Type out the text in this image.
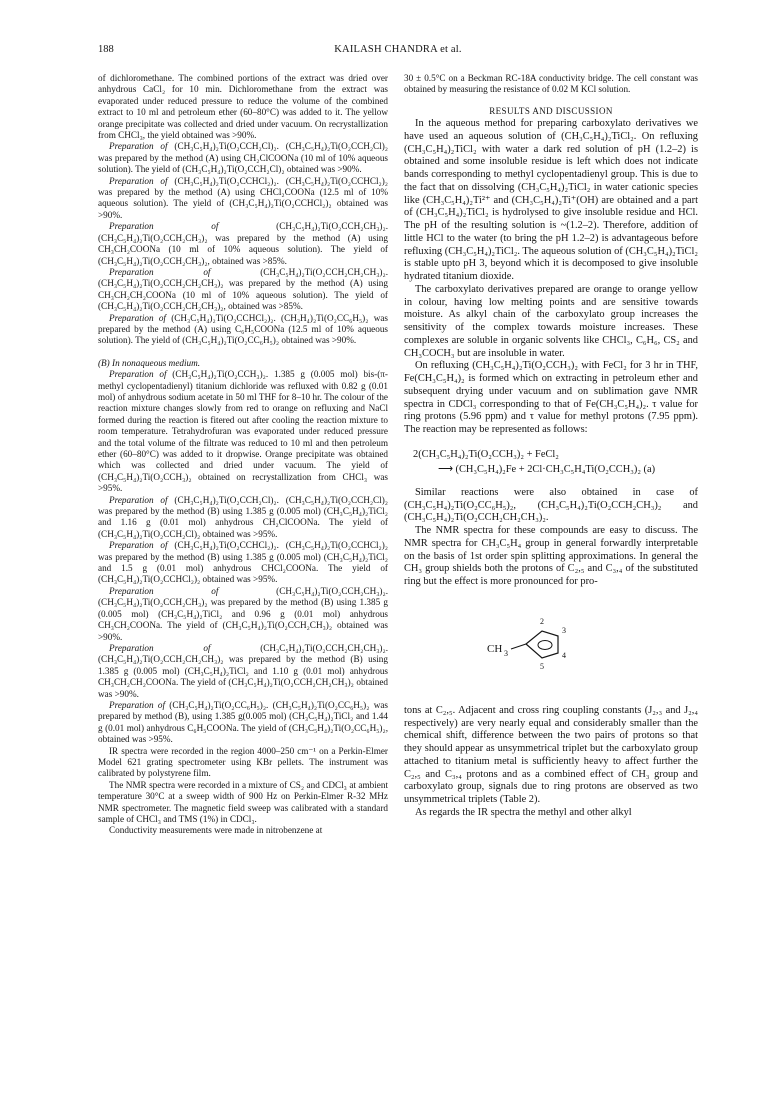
188	KAILASH CHANDRA et al.

of dichloromethane. The combined portions of the extract was dried over anhydrous CaCl₂ for 10 min. Dichloromethane from the extract was evaporated under reduced pressure to reduce the volume of the combined extract to 10 ml and petroleum ether (60–80°C) was added to it. The yellow orange precipitate was collected and dried under vacuum. On recrystallization from CHCl₃, the yield obtained was >90%.

Preparation of (CH₃C₅H₄)₂Ti(O₂CCH₂Cl)₂. (CH₃C₅H₄)₂Ti(O₂CCH₂Cl)₂ was prepared by the method (A) using CH₂ClCOONa (10 ml of 10% aqueous solution). The yield of (CH₃C₅H₄)₂Ti(O₂CCH₂Cl)₂ obtained was >90%.

Preparation of (CH₃C₅H₄)₂Ti(O₂CCHCl₂)₂. (CH₃C₅H₄)₂Ti(O₂CCHCl₂)₂ was prepared by the method (A) using CHCl₂COONa (12.5 ml of 10% aqueous solution). The yield of (CH₃C₅H₄)₂Ti(O₂CCHCl₂)₂ obtained was >90%.

Preparation of (CH₃C₅H₄)₂Ti(O₂CCH₂CH₃)₂. (CH₃C₅H₄)₂Ti(O₂CCH₂CH₃)₂ was prepared by the method (A) using CH₃CH₂COONa (10 ml of 10% aqueous solution). The yield of (CH₃C₅H₄)₂Ti(O₂CCH₂CH₃)₂, obtained was >85%.

Preparation of (CH₃C₅H₄)₂Ti(O₂CCH₂CH₂CH₃)₂. (CH₃C₅H₄)₂Ti(O₂CCH₂CH₂CH₃)₂ was prepared by the method (A) using CH₃CH₂CH₂COONa (10 ml of 10% aqueous solution). The yield of (CH₃C₅H₄)₂Ti(O₂CCH₂CH₂CH₃)₂, obtained was >85%.

Preparation of (CH₃C₅H₄)₂Ti(O₂CCHCl₂)₂. (CH₃H₄)₂Ti(O₂CC₆H₅)₂ was prepared by the method (A) using C₆H₅COONa (12.5 ml of 10% aqueous solution). The yield of (CH₃C₅H₄)₂Ti(O₂CC₆H₅)₂ obtained was >90%.

(B) In nonaqueous medium.

Preparation of (CH₃C₅H₄)₂Ti(O₂CCH₃)₂. 1.385 g (0.005 mol) bis-(π-methyl cyclopentadienyl) titanium dichloride was refluxed with 0.82 g (0.01 mol) of anhydrous sodium acetate in 50 ml THF for 8–10 hr. The colour of the reaction mixture changes slowly from red to orange on refluxing and NaCl formed during the reaction is fitered out after cooling the reaction mixture to room temperature. Tetrahydrofuran was evaporated under reduced pressure and the total volume of the filtrate was reduced to 10 ml and then petroleum ether (60–80°C) was added to it dropwise. Orange precipitate was obtained which was collected and dried under vacuum. The yield of (CH₃C₅H₄)₂Ti(O₂CCH₃)₂ obtained on recrystallization from CHCl₃ was >95%.

Preparation of (CH₃C₅H₄)₂Ti(O₂CCH₂Cl)₂. (CH₃C₅H₄)₂Ti(O₂CCH₂Cl)₂ was prepared by the method (B) using 1.385 g (0.005 mol) (CH₃C₅H₄)₂TiCl₂ and 1.16 g (0.01 mol) anhydrous CH₂ClCOONa. The yield of (CH₃C₅H₄)₂Ti(O₂CCH₂Cl)₂ obtained was >95%.

Preparation of (CH₃C₅H₄)₂Ti(O₂CCHCl₂)₂. (CH₃C₅H₄)₂Ti(O₂CCHCl₂)₂ was prepared by the method (B) using 1.385 g (0.005 mol) (CH₃C₅H₄)₂TiCl₂ and 1.5 g (0.01 mol) anhydrous CHCl₂COONa. The yield of (CH₃C₅H₄)₂Ti(O₂CCHCl₂)₂ obtained was >95%.

Preparation of (CH₃C₅H₄)₂Ti(O₂CCH₂CH₃)₂. (CH₃C₅H₄)₂Ti(O₂CCH₂CH₃)₂ was prepared by the method (B) using 1.385 g (0.005 mol) (CH₃C₅H₄)₂TiCl₂ and 0.96 g (0.01 mol) anhydrous CH₃CH₂COONa. The yield of (CH₃C₅H₄)₂Ti(O₂CCH₂CH₃)₂ obtained was >90%.

Preparation of (CH₃C₅H₄)₂Ti(O₂CCH₂CH₂CH₃)₂. (CH₃C₅H₄)₂Ti(O₂CCH₂CH₂CH₃)₂ was prepared by the method (B) using 1.385 g (0.005 mol) (CH₃C₅H₄)₂TiCl₂ and 1.10 g (0.01 mol) anhydrous CH₃CH₂CH₂COONa. The yield of (CH₃C₅H₄)₂Ti(O₂CCH₂CH₂CH₃)₂ obtained was >90%.

Preparation of (CH₃C₅H₄)₂Ti(O₂CC₆H₅)₂. (CH₃C₅H₄)₂Ti(O₂CC₆H₅)₂ was prepared by method (B), using 1.385 g(0.005 mol) (CH₃C₅H₄)₂TiCl₂ and 1.44 g (0.01 mol) anhydrous C₆H₅COONa. The yield of (CH₃C₅H₄)₂Ti(O₂CC₆H₅)₂, obtained was >95%.

IR spectra were recorded in the region 4000–250 cm⁻¹ on a Perkin-Elmer Model 621 grating spectrometer using KBr pellets. The instrument was calibrated by polystyrene film.

The NMR spectra were recorded in a mixture of CS₂ and CDCl₃ at ambient temperature 30°C at a sweep width of 900 Hz on Perkin-Elmer R-32 MHz NMR spectrometer. The magnetic field sweep was calibrated with a standard sample of CHCl₃ and TMS (1%) in CDCl₃.

Conductivity measurements were made in nitrobenzene at

30 ± 0.5°C on a Beckman RC-18A conductivity bridge. The cell constant was obtained by measuring the resistance of 0.02 M KCl solution.

RESULTS AND DISCUSSION

In the aqueous method for preparing carboxylato derivatives we have used an aqueous solution of (CH₃C₅H₄)₂TiCl₂. On refluxing (CH₃C₅H₄)₂TiCl₂ with water a dark red solution of pH (1.2–2) is obtained and some insoluble residue is left which does not indicate bands corresponding to methyl cyclopentadienyl group. This is due to the fact that on dissolving (CH₃C₅H₄)₂TiCl₂ in water cationic species like (CH₃C₅H₄)₂Ti²⁺ and (CH₃C₅H₄)₂Ti⁺(OH) are obtained and a part of (CH₃C₅H₄)₂TiCl₂ is hydrolysed to give insoluble residue and HCl. The pH of the resulting solution is ~(1.2–2). Therefore, addition of little HCl to the water (to bring the pH 1.2–2) is advantageous before refluxing (CH₃C₅H₄)₂TiCl₂. The aqueous solution of (CH₃C₅H₄)₂TiCl₂ is stable upto pH 3, beyond which it is decomposed to give insoluble hydrated titanium dioxide.

The carboxylato derivatives prepared are orange to orange yellow in colour, having low melting points and are sensitive towards moisture. As alkyl chain of the carboxylato group increases the sensitivity of the complex towards moisture increases. These complexes are soluble in organic solvents like CHCl₃, C₆H₆, CS₂ and CH₃COCH₃ but are insoluble in water.

On refluxing (CH₃C₅H₄)₂Ti(O₂CCH₃)₂ with FeCl₂ for 3 hr in THF, Fe(CH₃C₅H₄)₂ is formed which on extracting in petroleum ether and subsequent drying under vacuum and on sublimation gave NMR spectra in CDCl₃ corresponding to that of Fe(CH₃C₅H₄)₂. τ value for ring protons (5.96 ppm) and τ value for methyl protons (7.95 ppm). The reaction may be represented as follows:

2(CH₃C₅H₄)₂Ti(O₂CCH₃)₂ + FeCl₂
⟶ (CH₃C₅H₄)₂Fe + 2Cl·CH₃C₅H₄Ti(O₂CCH₃)₂ (a)

Similar reactions were also obtained in case of (CH₃C₅H₄)₂Ti(O₂CC₆H₅)₂, (CH₃C₅H₄)₂Ti(O₂CCH₂CH₃)₂ and (CH₃C₅H₄)₂Ti(O₂CCH₂CH₂CH₃)₂.

The NMR spectra for these compounds are easy to discuss. The NMR spectra for CH₃C₅H₄ group in general forwardly interpretable on the basis of 1st order spin splitting approximations. In general the CH₃ group shields both the protons of C₂,₅ and C₃,₄ of the substituted ring but the effect is more pronounced for pro-

CH 3
2
3
4
5

tons at C₂,₅. Adjacent and cross ring coupling constants (J₂,₃ and J₂,₄ respectively) are very nearly equal and considerably smaller than the chemical shift, difference between the two pairs of protons so that they should appear as unsymmetrical triplet but the carboxylato group attached to titanium metal is sufficiently heavy to affect further the C₂,₅ and C₃,₄ protons and as a combined effect of CH₃ group and carboxylato group, signals due to ring protons are observed as two unsymmetrical triplets (Table 2).

As regards the IR spectra the methyl and other alkyl
